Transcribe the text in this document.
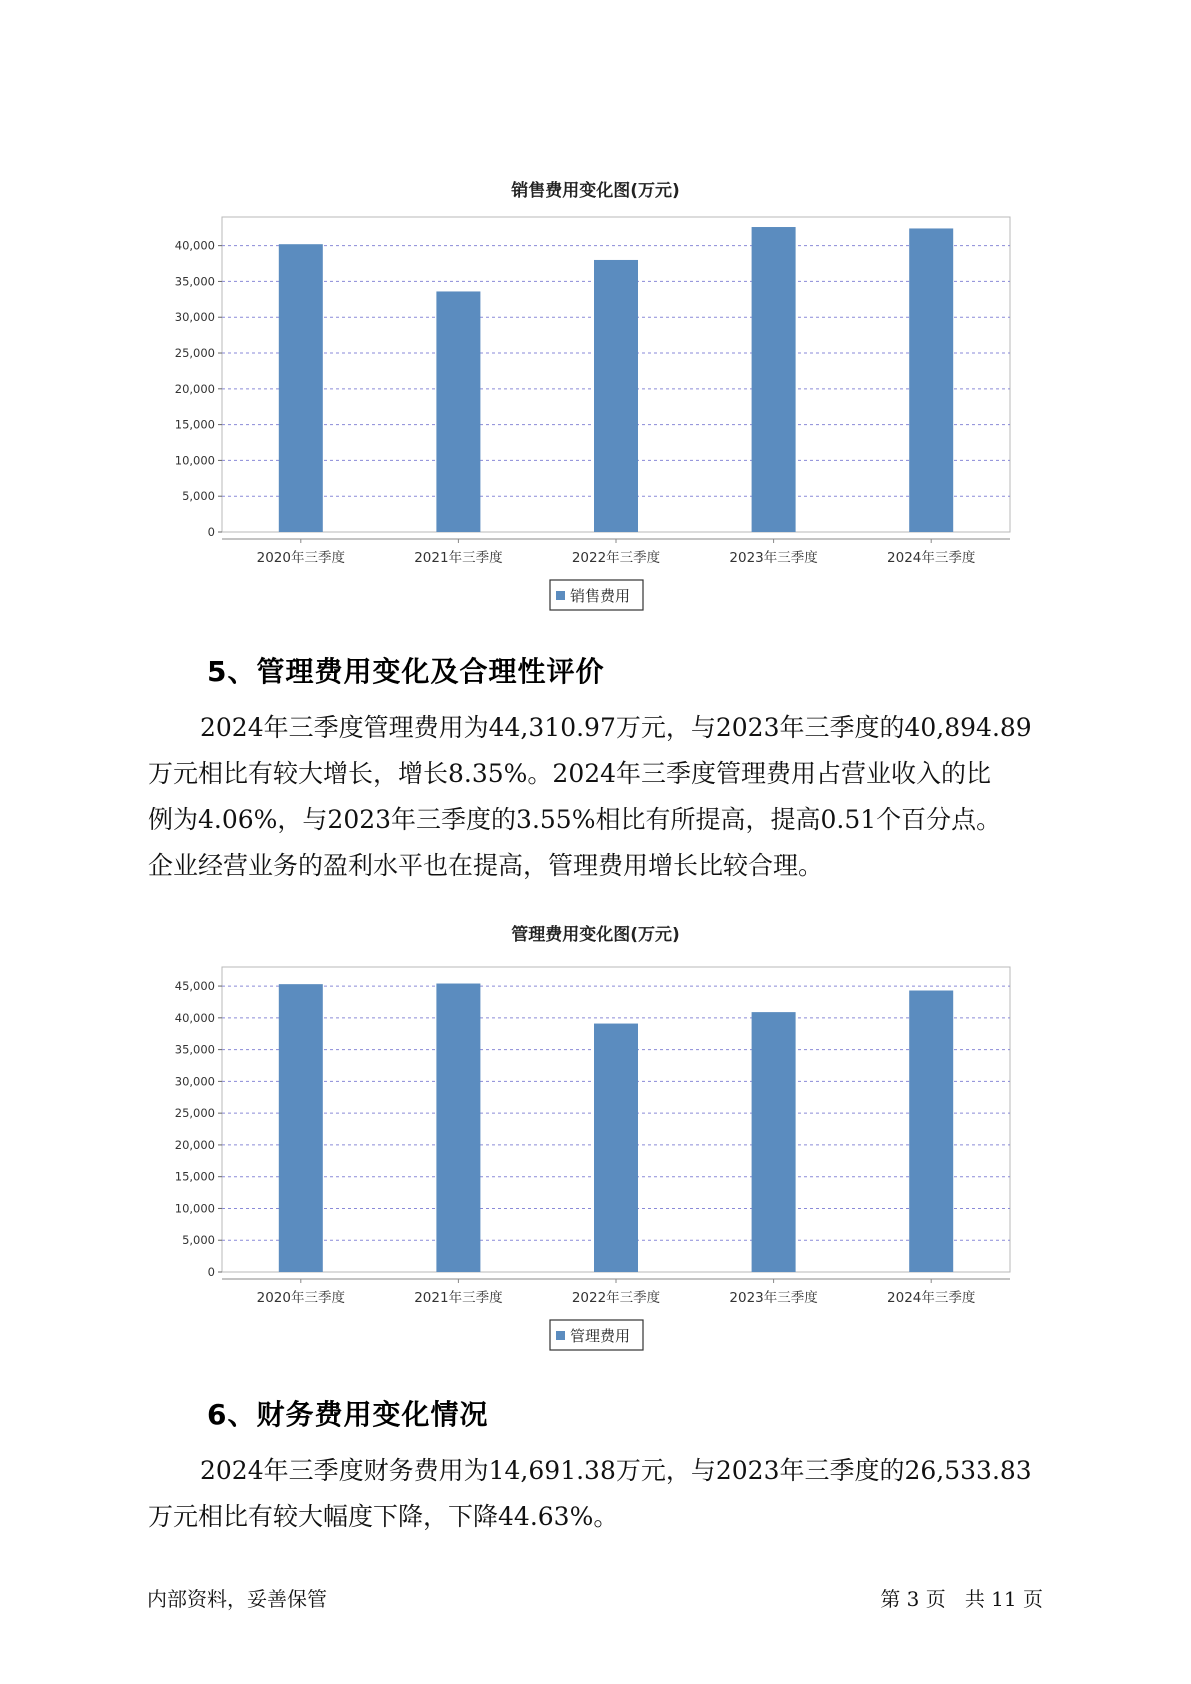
销售费用变化图(万元)
0
5,000
10,000
15,000
20,000
25,000
30,000
35,000
40,000
2020年三季度	2021年三季度	2022年三季度	2023年三季度	2024年三季度
销售费用
5、管理费用变化及合理性评价
2024年三季度管理费用为44,310.97万元，与2023年三季度的40,894.89
万元相比有较大增长，增长8.35%。2024年三季度管理费用占营业收入的比
例为4.06%，与2023年三季度的3.55%相比有所提高，提高0.51个百分点。
企业经营业务的盈利水平也在提高，管理费用增长比较合理。
管理费用变化图(万元)
0
5,000
10,000
15,000
20,000
25,000
30,000
35,000
40,000
45,000
2020年三季度	2021年三季度	2022年三季度	2023年三季度	2024年三季度
管理费用
6、财务费用变化情况
2024年三季度财务费用为14,691.38万元，与2023年三季度的26,533.83
万元相比有较大幅度下降，下降44.63%。
内部资料，妥善保管	第 3 页   共 11 页
